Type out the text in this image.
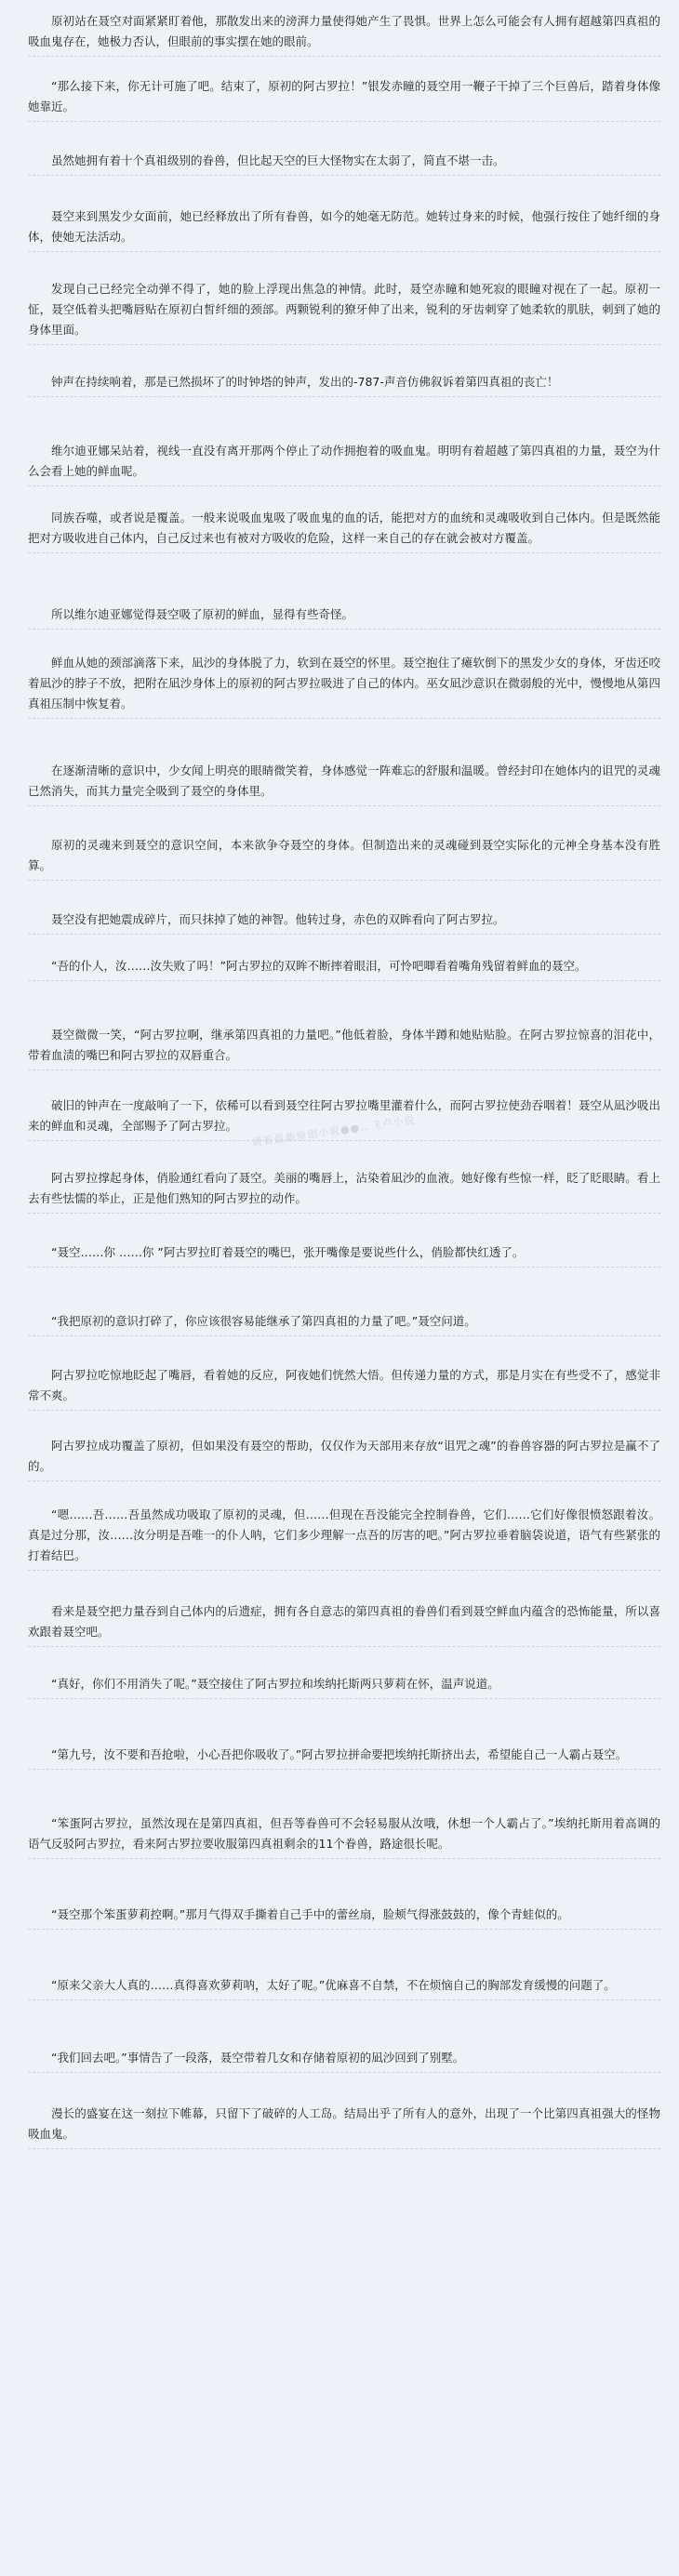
原初站在聂空对面紧紧盯着他，那散发出来的滂湃力量使得她产生了畏惧。世界上怎么可能会有人拥有超越第四真祖的吸血鬼存在，她极力否认，但眼前的事实摆在她的眼前。

“那么接下来，你无计可施了吧。结束了，原初的阿古罗拉！”银发赤瞳的聂空用一鞭子干掉了三个巨兽后，踏着身体像她靠近。

虽然她拥有着十个真祖级别的眷兽，但比起天空的巨大怪物实在太弱了，简直不堪一击。

聂空来到黑发少女面前，她已经释放出了所有眷兽，如今的她毫无防范。她转过身来的时候，他强行按住了她纤细的身体，使她无法活动。

发现自己已经完全动弹不得了，她的脸上浮现出焦急的神情。此时，聂空赤瞳和她死寂的眼瞳对视在了一起。原初一怔，聂空低着头把嘴唇贴在原初白皙纤细的颈部。两颗锐利的獠牙伸了出来，锐利的牙齿刺穿了她柔软的肌肤，刺到了她的身体里面。

钟声在持续响着，那是已然损坏了的时钟塔的钟声，发出的-787-声音仿佛叙诉着第四真祖的丧亡！

维尔迪亚娜呆站着，视线一直没有离开那两个停止了动作拥抱着的吸血鬼。明明有着超越了第四真祖的力量，聂空为什么会看上她的鲜血呢。

同族吞噬，或者说是覆盖。一般来说吸血鬼吸了吸血鬼的血的话，能把对方的血统和灵魂吸收到自己体内。但是既然能把对方吸收进自己体内，自己反过来也有被对方吸收的危险，这样一来自己的存在就会被对方覆盖。

所以维尔迪亚娜觉得聂空吸了原初的鲜血，显得有些奇怪。

鲜血从她的颈部滴落下来，凪沙的身体脱了力，软到在聂空的怀里。聂空抱住了瘫软倒下的黑发少女的身体，牙齿还咬着凪沙的脖子不放，把附在凪沙身体上的原初的阿古罗拉吸进了自己的体内。巫女凪沙意识在微弱般的光中，慢慢地从第四真祖压制中恢复着。

在逐渐清晰的意识中，少女闻上明亮的眼睛微笑着，身体感觉一阵难忘的舒服和温暖。曾经封印在她体内的诅咒的灵魂已然消失，而其力量完全吸到了聂空的身体里。

原初的灵魂来到聂空的意识空间，本来欲争夺聂空的身体。但制造出来的灵魂碰到聂空实际化的元神全身基本没有胜算。

聂空没有把她震成碎片，而只抹掉了她的神智。他转过身，赤色的双眸看向了阿古罗拉。

“吾的仆人，汝……汝失败了吗！”阿古罗拉的双眸不断摔着眼泪，可怜吧唧看着嘴角残留着鲜血的聂空。

聂空微微一笑，“阿古罗拉啊，继承第四真祖的力量吧。”他低着脸，身体半蹲和她贴贴脸。在阿古罗拉惊喜的泪花中，带着血渍的嘴巴和阿古罗拉的双唇重合。

破旧的钟声在一度敲响了一下，依稀可以看到聂空往阿古罗拉嘴里灌着什么，而阿古罗拉使劲吞咽着！聂空从凪沙吸出来的鲜血和灵魂，全部赐予了阿古罗拉。

阿古罗拉撑起身体，俏脸通红看向了聂空。美丽的嘴唇上，沾染着凪沙的血液。她好像有些惊一样，眨了眨眼睛。看上去有些怯懦的举止，正是他们熟知的阿古罗拉的动作。

“聂空……你 ……你 ”阿古罗拉盯着聂空的嘴巴，张开嘴像是要说些什么，俏脸都快红透了。

“我把原初的意识打碎了，你应该很容易能继承了第四真祖的力量了吧。”聂空问道。

阿古罗拉吃惊地眨起了嘴唇，看着她的反应，阿夜她们恍然大悟。但传递力量的方式，那是月实在有些受不了，感觉非常不爽。

阿古罗拉成功覆盖了原初，但如果没有聂空的帮助，仅仅作为天部用来存放“诅咒之魂”的眷兽容器的阿古罗拉是赢不了的。

“嗯……吾……吾虽然成功吸取了原初的灵魂，但……但现在吾没能完全控制眷兽，它们……它们好像很愤怒跟着汝。真是过分那，汝……汝分明是吾唯一的仆人呐，它们多少理解一点吾的厉害的吧。”阿古罗拉垂着脑袋说道，语气有些紧张的打着结巴。

看来是聂空把力量吞到自己体内的后遗症，拥有各自意志的第四真祖的眷兽们看到聂空鲜血内蕴含的恐怖能量，所以喜欢跟着聂空吧。

“真好，你们不用消失了呢。”聂空接住了阿古罗拉和埃纳托斯两只萝莉在怀，温声说道。

“第九号，汝不要和吾抢啦，小心吾把你吸收了。”阿古罗拉拼命要把埃纳托斯挤出去，希望能自己一人霸占聂空。

“笨蛋阿古罗拉，虽然汝现在是第四真祖，但吾等眷兽可不会轻易服从汝哦，休想一个人霸占了。”埃纳托斯用着高调的语气反驳阿古罗拉，看来阿古罗拉要收服第四真祖剩余的11个眷兽，路途很长呢。

“聂空那个笨蛋萝莉控啊。”那月气得双手撕着自己手中的蕾丝扇，脸颊气得涨鼓鼓的，像个青蛙似的。

“原来父亲大人真的……真得喜欢萝莉呐，太好了呢。”优麻喜不自禁，不在烦恼自己的胸部发育缓慢的问题了。

“我们回去吧。”事情告了一段落，聂空带着几女和存储着原初的凪沙回到了别墅。

漫长的盛宴在这一刻拉下帷幕，只留下了破碎的人工岛。结局出乎了所有人的意外，出现了一个比第四真祖强大的怪物吸血鬼。

请看最新原创小说●●…飞卢小说
